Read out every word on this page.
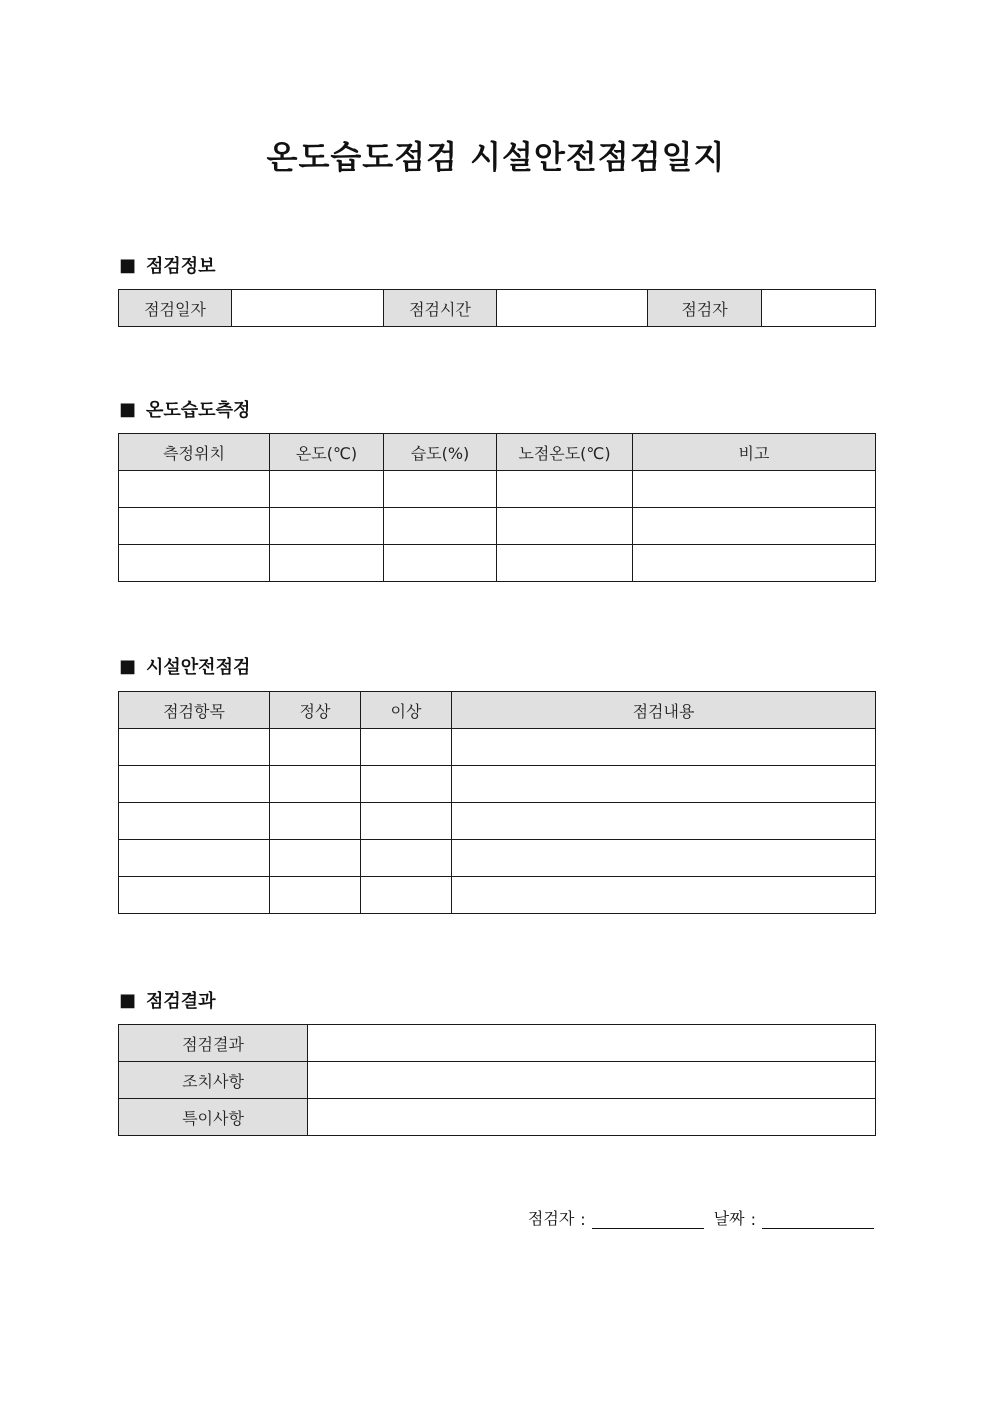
온도습도점검 시설안전점검일지
■ 점검정보
점검일자		점검시간		점검자	
■ 온도습도측정
측정위치	온도(℃)	습도(%)	노점온도(℃)	비고

■ 시설안전점검
점검항목	정상	이상	점검내용

■ 점검결과
점검결과	
조치사항	
특이사항	
점검자 :	날짜 :
